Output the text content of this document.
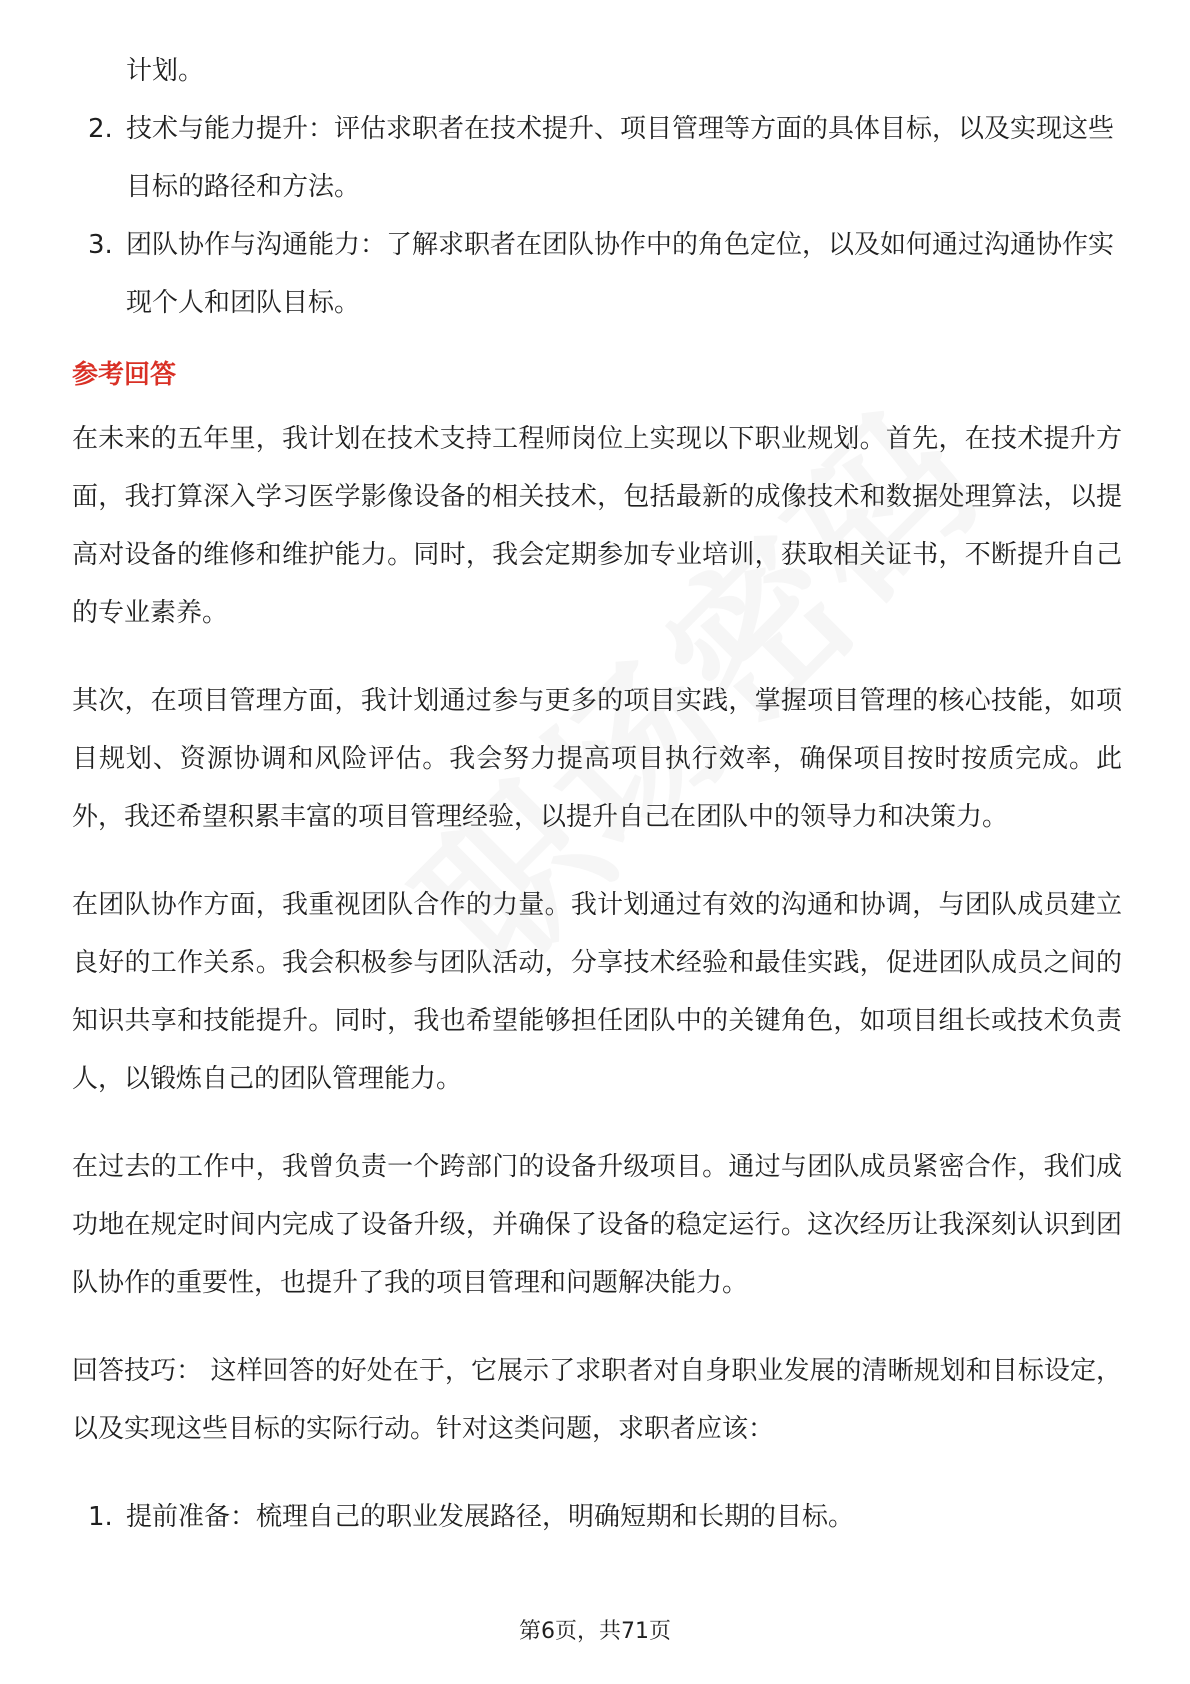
计划。

2. 技术与能力提升：评估求职者在技术提升、项目管理等方面的具体目标，以及实现这些目标的路径和方法。
3. 团队协作与沟通能力：了解求职者在团队协作中的角色定位，以及如何通过沟通协作实现个人和团队目标。
参考回答

在未来的五年里，我计划在技术支持工程师岗位上实现以下职业规划。首先，在技术提升方面，我打算深入学习医学影像设备的相关技术，包括最新的成像技术和数据处理算法，以提高对设备的维修和维护能力。同时，我会定期参加专业培训，获取相关证书，不断提升自己的专业素养。

其次，在项目管理方面，我计划通过参与更多的项目实践，掌握项目管理的核心技能，如项目规划、资源协调和风险评估。我会努力提高项目执行效率，确保项目按时按质完成。此外，我还希望积累丰富的项目管理经验，以提升自己在团队中的领导力和决策力。

在团队协作方面，我重视团队合作的力量。我计划通过有效的沟通和协调，与团队成员建立良好的工作关系。我会积极参与团队活动，分享技术经验和最佳实践，促进团队成员之间的知识共享和技能提升。同时，我也希望能够担任团队中的关键角色，如项目组长或技术负责人，以锻炼自己的团队管理能力。

在过去的工作中，我曾负责一个跨部门的设备升级项目。通过与团队成员紧密合作，我们成功地在规定时间内完成了设备升级，并确保了设备的稳定运行。这次经历让我深刻认识到团队协作的重要性，也提升了我的项目管理和问题解决能力。

回答技巧： 这样回答的好处在于，它展示了求职者对自身职业发展的清晰规划和目标设定，以及实现这些目标的实际行动。针对这类问题，求职者应该：

1. 提前准备：梳理自己的职业发展路径，明确短期和长期的目标。
第6页，共71页
